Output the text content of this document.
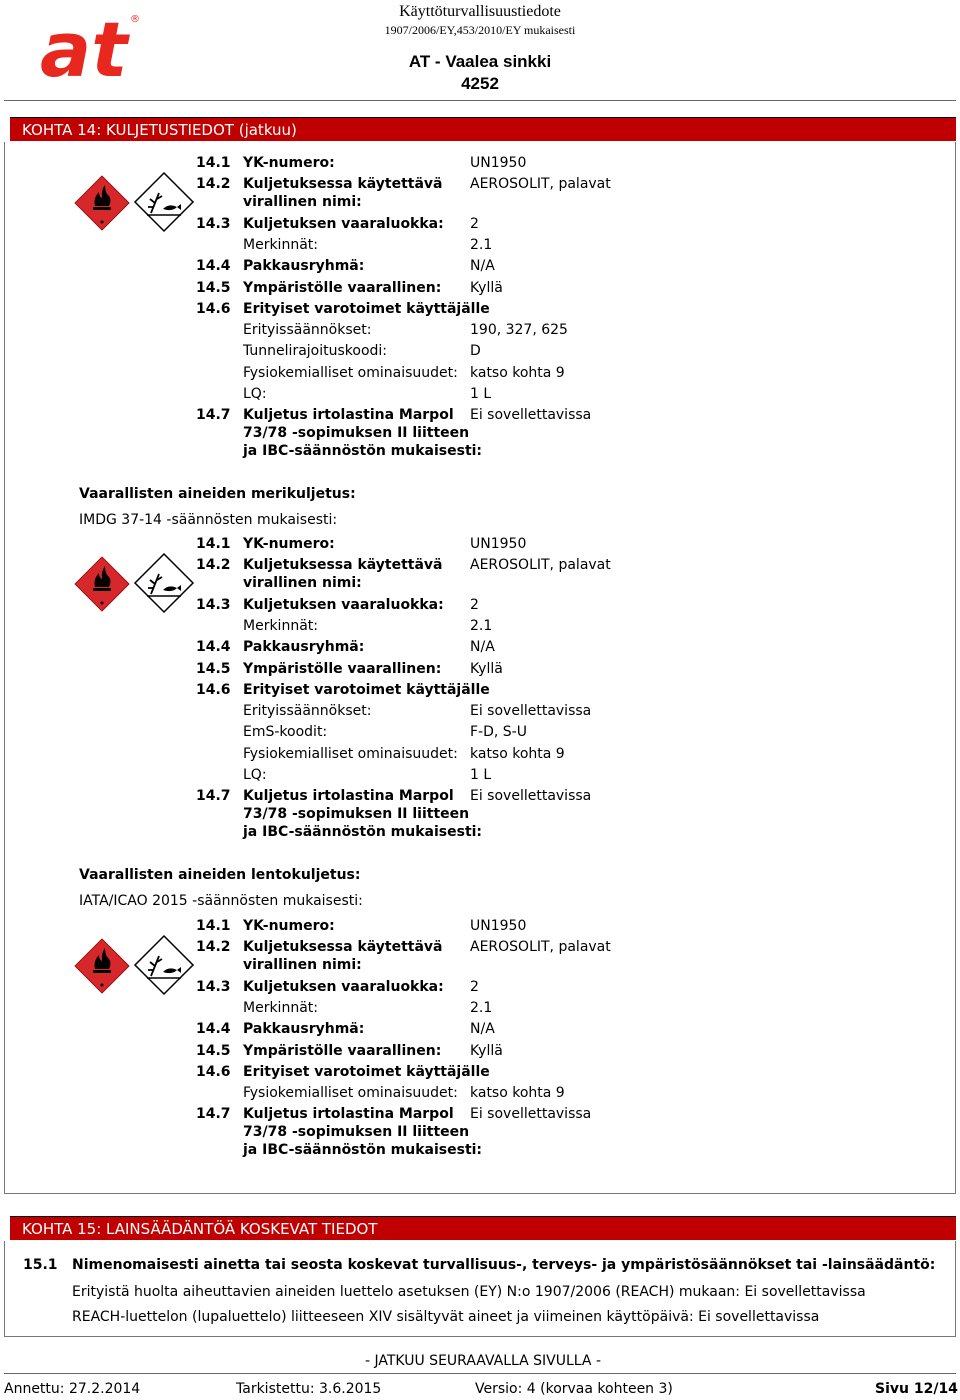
at ®	Käyttöturvallisuustiedote
1907/2006/EY,453/2010/EY mukaisesti
AT - Vaalea sinkki
4252
KOHTA 14: KULJETUSTIEDOT (jatkuu)
14.1 YK-numero:	UN1950
14.2 Kuljetuksessa käytettävä
virallinen nimi:
AEROSOLIT, palavat
14.3 Kuljetuksen vaaraluokka: 2
Merkinnät:	2.1
14.4 Pakkausryhmä:	N/A
14.5 Ympäristölle vaarallinen: Kyllä
14.6 Erityiset varotoimet käyttäjälle
Erityissäännökset:	190, 327, 625
Tunnelirajoituskoodi:	D
Fysiokemialliset ominaisuudet: katso kohta 9
LQ:	1 L
14.7 Kuljetus irtolastina Marpol
73/78 -sopimuksen II liitteen
ja IBC-säännöstön mukaisesti:
Ei sovellettavissa
Vaarallisten aineiden merikuljetus:
IMDG 37-14 -säännösten mukaisesti:
14.1 YK-numero:	UN1950
14.2 Kuljetuksessa käytettävä
virallinen nimi:
AEROSOLIT, palavat
14.3 Kuljetuksen vaaraluokka: 2
Merkinnät:	2.1
14.4 Pakkausryhmä:	N/A
14.5 Ympäristölle vaarallinen: Kyllä
14.6 Erityiset varotoimet käyttäjälle
Erityissäännökset:	Ei sovellettavissa
EmS-koodit:	F-D, S-U
Fysiokemialliset ominaisuudet: katso kohta 9
LQ:	1 L
14.7 Kuljetus irtolastina Marpol
73/78 -sopimuksen II liitteen
ja IBC-säännöstön mukaisesti:
Ei sovellettavissa
Vaarallisten aineiden lentokuljetus:
IATA/ICAO 2015 -säännösten mukaisesti:
14.1 YK-numero:	UN1950
14.2 Kuljetuksessa käytettävä
virallinen nimi:
AEROSOLIT, palavat
14.3 Kuljetuksen vaaraluokka: 2
Merkinnät:	2.1
14.4 Pakkausryhmä:	N/A
14.5 Ympäristölle vaarallinen: Kyllä
14.6 Erityiset varotoimet käyttäjälle
Fysiokemialliset ominaisuudet: katso kohta 9
14.7 Kuljetus irtolastina Marpol
73/78 -sopimuksen II liitteen
ja IBC-säännöstön mukaisesti:
Ei sovellettavissa
KOHTA 15: LAINSÄÄDÄNTÖÄ KOSKEVAT TIEDOT
15.1 Nimenomaisesti ainetta tai seosta koskevat turvallisuus-, terveys- ja ympäristösäännökset tai -lainsäädäntö:
Erityistä huolta aiheuttavien aineiden luettelo asetuksen (EY) N:o 1907/2006 (REACH) mukaan: Ei sovellettavissa
REACH-luettelon (lupaluettelo) liitteeseen XIV sisältyvät aineet ja viimeinen käyttöpäivä: Ei sovellettavissa
- JATKUU SEURAAVALLA SIVULLA -
Annettu: 27.2.2014	Tarkistettu: 3.6.2015	Versio: 4 (korvaa kohteen 3)	Sivu 12/14
